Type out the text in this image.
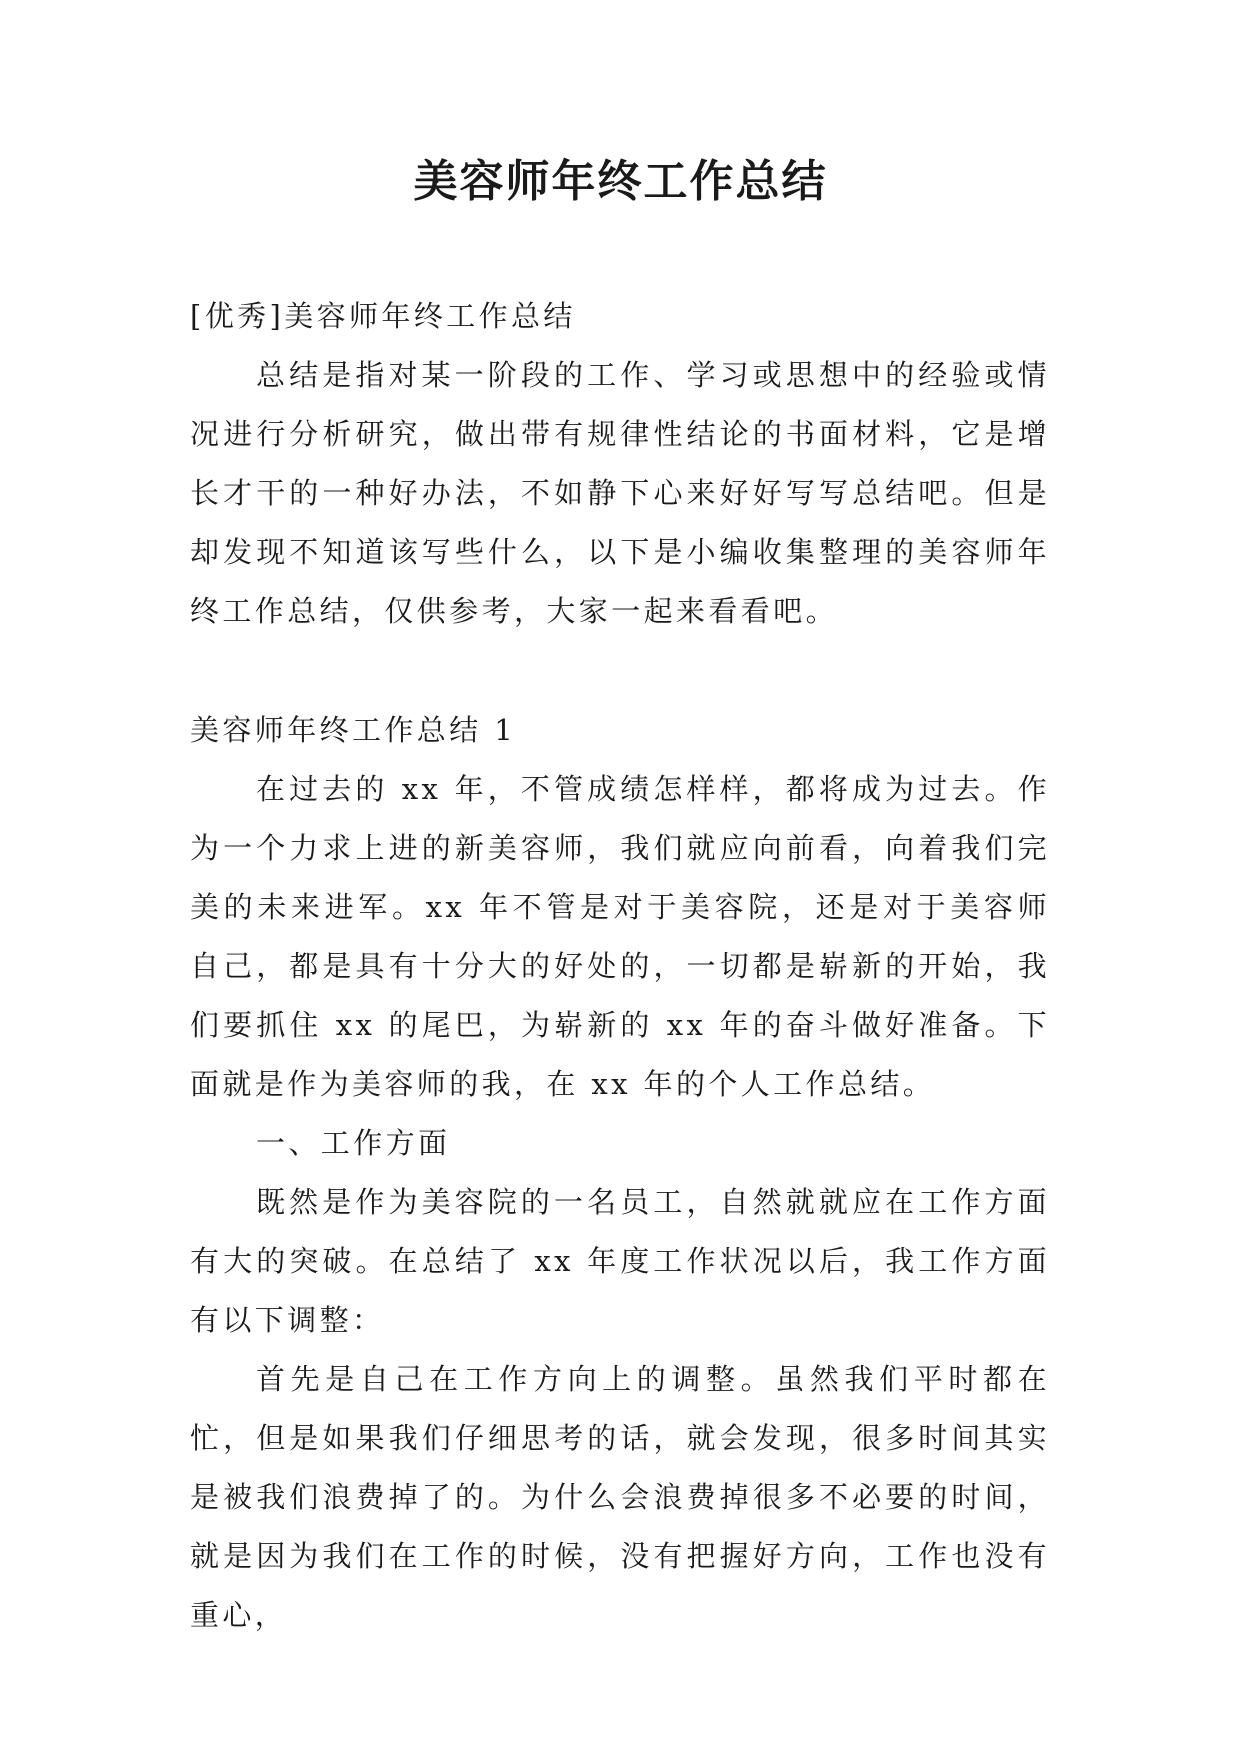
美容师年终工作总结

[优秀]美容师年终工作总结

总结是指对某一阶段的工作、学习或思想中的经验或情况进行分析研究，做出带有规律性结论的书面材料，它是增长才干的一种好办法，不如静下心来好好写写总结吧。但是却发现不知道该写些什么，以下是小编收集整理的美容师年终工作总结，仅供参考，大家一起来看看吧。

美容师年终工作总结 1

在过去的 xx 年，不管成绩怎样样，都将成为过去。作为一个力求上进的新美容师，我们就应向前看，向着我们完美的未来进军。xx 年不管是对于美容院，还是对于美容师自己，都是具有十分大的好处的，一切都是崭新的开始，我们要抓住 xx 的尾巴，为崭新的 xx 年的奋斗做好准备。下面就是作为美容师的我，在 xx 年的个人工作总结。

一、工作方面

既然是作为美容院的一名员工，自然就就应在工作方面有大的突破。在总结了 xx 年度工作状况以后，我工作方面有以下调整：

首先是自己在工作方向上的调整。虽然我们平时都在忙，但是如果我们仔细思考的话，就会发现，很多时间其实是被我们浪费掉了的。为什么会浪费掉很多不必要的时间，就是因为我们在工作的时候，没有把握好方向，工作也没有重心，
